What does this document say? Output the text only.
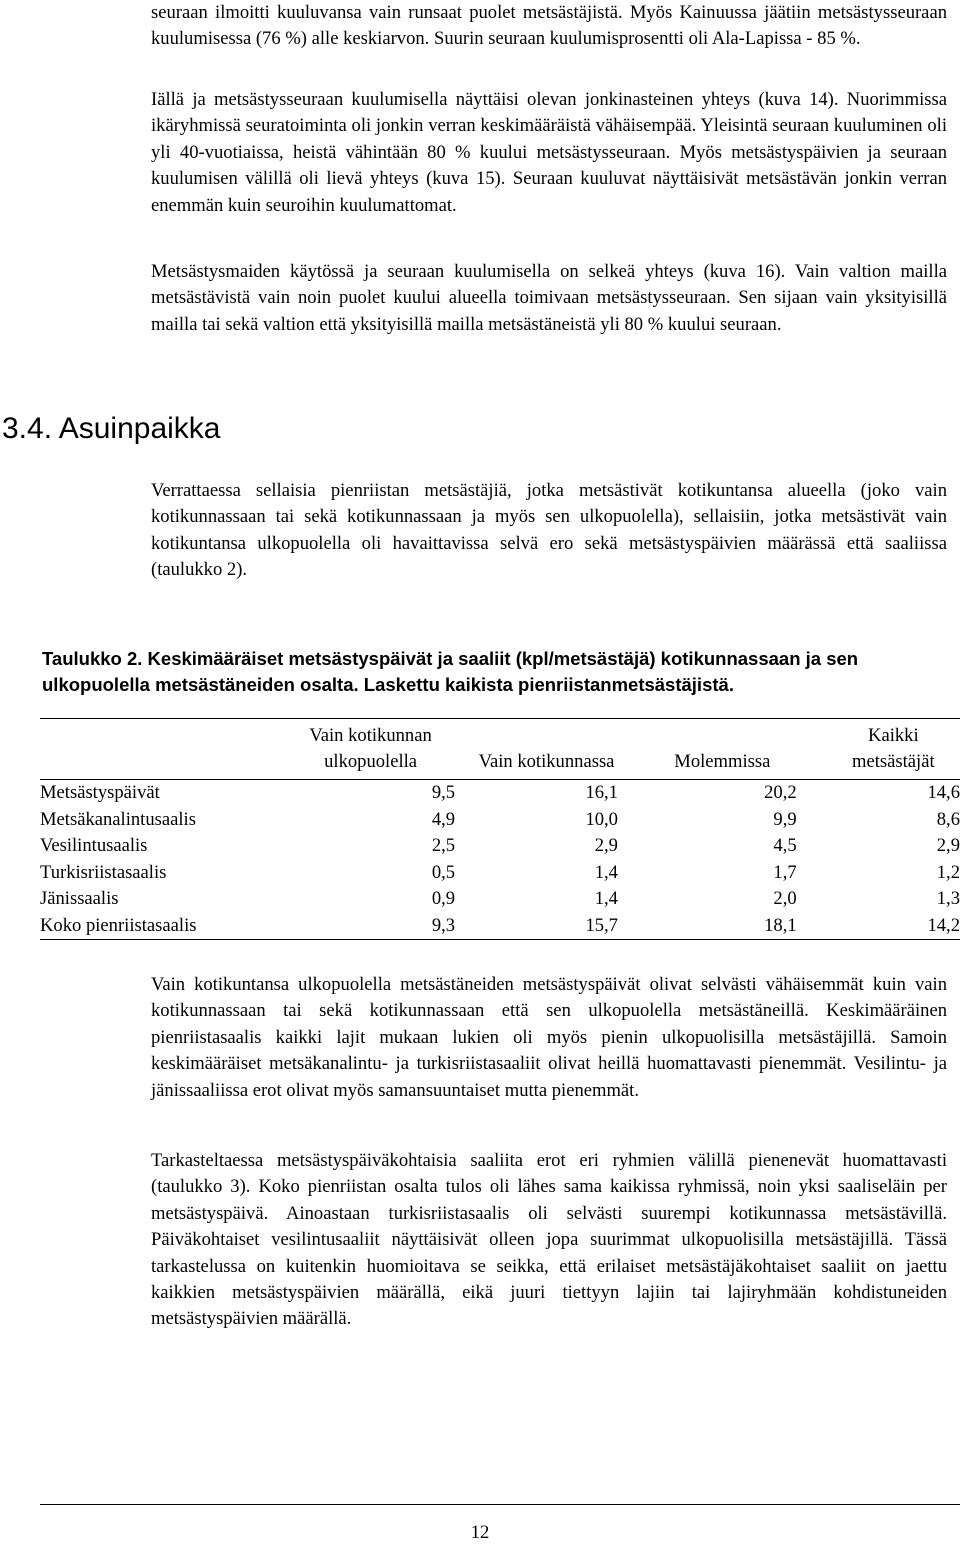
seuraan ilmoitti kuuluvansa vain runsaat puolet metsästäjistä. Myös Kainuussa jäätiin metsästysseuraan kuulumisessa (76 %) alle keskiarvon. Suurin seuraan kuulumisprosentti oli Ala-Lapissa - 85 %.

Iällä ja metsästysseuraan kuulumisella näyttäisi olevan jonkinasteinen yhteys (kuva 14). Nuorimmissa ikäryhmissä seuratoiminta oli jonkin verran keskimääräistä vähäisempää. Yleisintä seuraan kuuluminen oli yli 40-vuotiaissa, heistä vähintään 80 % kuului metsästysseuraan. Myös metsästyspäivien ja seuraan kuulumisen välillä oli lievä yhteys (kuva 15). Seuraan kuuluvat näyttäisivät metsästävän jonkin verran enemmän kuin seuroihin kuulumattomat.

Metsästysmaiden käytössä ja seuraan kuulumisella on selkeä yhteys (kuva 16). Vain valtion mailla metsästävistä vain noin puolet kuului alueella toimivaan metsästysseuraan. Sen sijaan vain yksityisillä mailla tai sekä valtion että yksityisillä mailla metsästäneistä yli 80 % kuului seuraan.

3.4. Asuinpaikka

Verrattaessa sellaisia pienriistan metsästäjiä, jotka metsästivät kotikuntansa alueella (joko vain kotikunnassaan tai sekä kotikunnassaan ja myös sen ulkopuolella), sellaisiin, jotka metsästivät vain kotikuntansa ulkopuolella oli havaittavissa selvä ero sekä metsästyspäivien määrässä että saaliissa (taulukko 2).

Taulukko 2. Keskimääräiset metsästyspäivät ja saaliit (kpl/metsästäjä) kotikunnassaan ja sen ulkopuolella metsästäneiden osalta. Laskettu kaikista pienriistanmetsästäjistä.

	Vain kotikunnan ulkopuolella	Vain kotikunnassa	Molemmissa	Kaikki metsästäjät
Metsästyspäivät	9,5	16,1	20,2	14,6
Metsäkanalintusaalis	4,9	10,0	9,9	8,6
Vesilintusaalis	2,5	2,9	4,5	2,9
Turkisriistasaalis	0,5	1,4	1,7	1,2
Jänissaalis	0,9	1,4	2,0	1,3
Koko pienriistasaalis	9,3	15,7	18,1	14,2

Vain kotikuntansa ulkopuolella metsästäneiden metsästyspäivät olivat selvästi vähäisemmät kuin vain kotikunnassaan tai sekä kotikunnassaan että sen ulkopuolella metsästäneillä. Keskimääräinen pienriistasaalis kaikki lajit mukaan lukien oli myös pienin ulkopuolisilla metsästäjillä. Samoin keskimääräiset metsäkanalintu- ja turkisriistasaaliit olivat heillä huomattavasti pienemmät. Vesilintu- ja jänissaaliissa erot olivat myös samansuuntaiset mutta pienemmät.

Tarkasteltaessa metsästyspäiväkohtaisia saaliita erot eri ryhmien välillä pienenevät huomattavasti (taulukko 3). Koko pienriistan osalta tulos oli lähes sama kaikissa ryhmissä, noin yksi saaliseläin per metsästyspäivä. Ainoastaan turkisriistasaalis oli selvästi suurempi kotikunnassa metsästävillä. Päiväkohtaiset vesilintusaaliit näyttäisivät olleen jopa suurimmat ulkopuolisilla metsästäjillä. Tässä tarkastelussa on kuitenkin huomioitava se seikka, että erilaiset metsästäjäkohtaiset saaliit on jaettu kaikkien metsästyspäivien määrällä, eikä juuri tiettyyn lajiin tai lajiryhmään kohdistuneiden metsästyspäivien määrällä.

12
